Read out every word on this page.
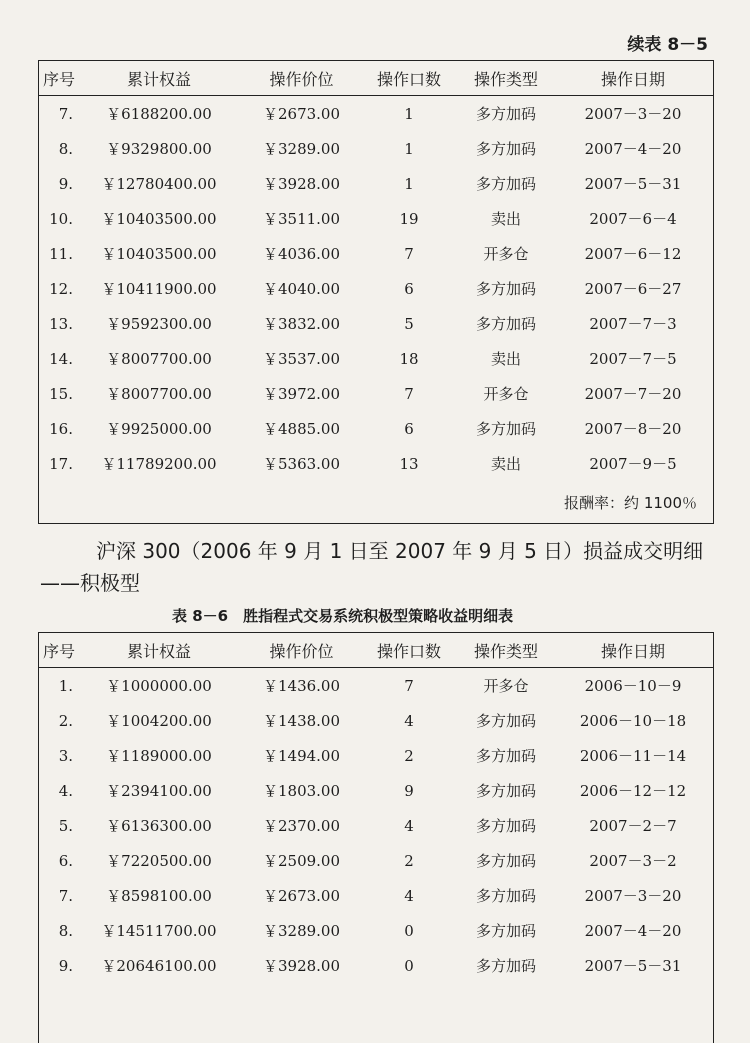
续表 8－5
序号	累计权益	操作价位	操作口数	操作类型	操作日期
7.	￥6188200.00	￥2673.00	1	多方加码	2007－3－20
8.	￥9329800.00	￥3289.00	1	多方加码	2007－4－20
9.	￥12780400.00	￥3928.00	1	多方加码	2007－5－31
10.	￥10403500.00	￥3511.00	19	卖出	2007－6－4
11.	￥10403500.00	￥4036.00	7	开多仓	2007－6－12
12.	￥10411900.00	￥4040.00	6	多方加码	2007－6－27
13.	￥9592300.00	￥3832.00	5	多方加码	2007－7－3
14.	￥8007700.00	￥3537.00	18	卖出	2007－7－5
15.	￥8007700.00	￥3972.00	7	开多仓	2007－7－20
16.	￥9925000.00	￥4885.00	6	多方加码	2007－8－20
17.	￥11789200.00	￥5363.00	13	卖出	2007－9－5
报酬率：约 1100％
沪深 300（2006 年 9 月 1 日至 2007 年 9 月 5 日）损益成交明细——积极型
表 8－6　胜指程式交易系统积极型策略收益明细表
序号	累计权益	操作价位	操作口数	操作类型	操作日期
1.	￥1000000.00	￥1436.00	7	开多仓	2006－10－9
2.	￥1004200.00	￥1438.00	4	多方加码	2006－10－18
3.	￥1189000.00	￥1494.00	2	多方加码	2006－11－14
4.	￥2394100.00	￥1803.00	9	多方加码	2006－12－12
5.	￥6136300.00	￥2370.00	4	多方加码	2007－2－7
6.	￥7220500.00	￥2509.00	2	多方加码	2007－3－2
7.	￥8598100.00	￥2673.00	4	多方加码	2007－3－20
8.	￥14511700.00	￥3289.00	0	多方加码	2007－4－20
9.	￥20646100.00	￥3928.00	0	多方加码	2007－5－31
